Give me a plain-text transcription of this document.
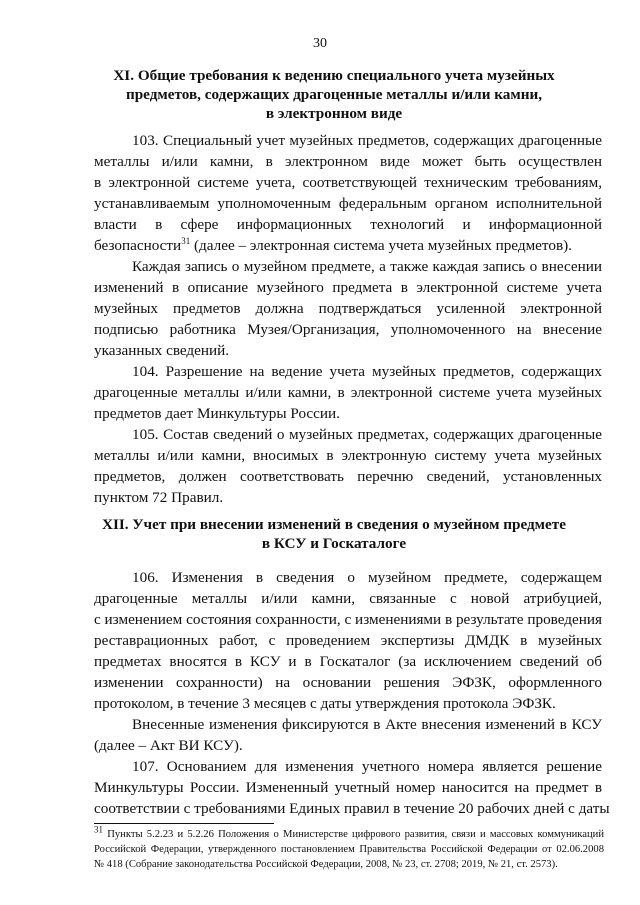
30
XI. Общие требования к ведению специального учета музейных
предметов, содержащих драгоценные металлы и/или камни,
в электронном виде
103. Специальный учет музейных предметов, содержащих драгоценные
металлы и/или камни, в электронном виде может быть осуществлен
в электронной системе учета, соответствующей техническим требованиям,
устанавливаемым уполномоченным федеральным органом исполнительной
власти в сфере информационных технологий и информационной
безопасности$^{31}$ (далее – электронная система учета музейных предметов).
Каждая запись о музейном предмете, а также каждая запись о внесении
изменений в описание музейного предмета в электронной системе учета
музейных предметов должна подтверждаться усиленной электронной
подписью работника Музея/Организация, уполномоченного на внесение
указанных сведений.
104. Разрешение на ведение учета музейных предметов, содержащих
драгоценные металлы и/или камни, в электронной системе учета музейных
предметов дает Минкультуры России.
105. Состав сведений о музейных предметах, содержащих драгоценные
металлы и/или камни, вносимых в электронную систему учета музейных
предметов, должен соответствовать перечню сведений, установленных
пунктом 72 Правил.
XII. Учет при внесении изменений в сведения о музейном предмете
в КСУ и Госкаталоге
106. Изменения в сведения о музейном предмете, содержащем
драгоценные металлы и/или камни, связанные с новой атрибуцией,
с изменением состояния сохранности, с изменениями в результате проведения
реставрационных работ, с проведением экспертизы ДМДК в музейных
предметах вносятся в КСУ и в Госкаталог (за исключением сведений об
изменении сохранности) на основании решения ЭФЗК, оформленного
протоколом, в течение 3 месяцев с даты утверждения протокола ЭФЗК.
Внесенные изменения фиксируются в Акте внесения изменений в КСУ
(далее – Акт ВИ КСУ).
107. Основанием для изменения учетного номера является решение
Минкультуры России. Измененный учетный номер наносится на предмет в
соответствии с требованиями Единых правил в течение 20 рабочих дней с даты
$^{31}$ Пункты 5.2.23 и 5.2.26 Положения о Министерстве цифрового развития, связи и массовых коммуникаций
Российской Федерации, утвержденного постановлением Правительства Российской Федерации от 02.06.2008
№ 418 (Собрание законодательства Российской Федерации, 2008, № 23, ст. 2708; 2019, № 21, ст. 2573).
